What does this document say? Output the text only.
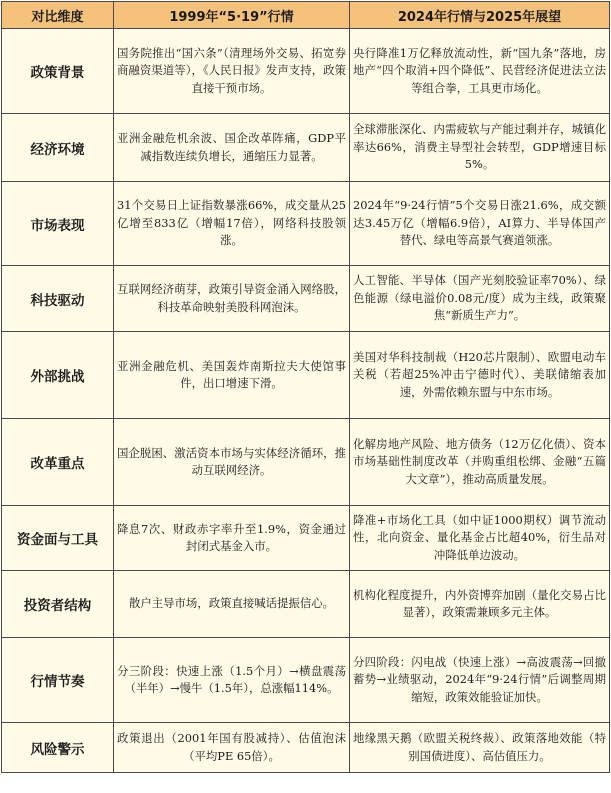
对比维度	1999年“5·19”行情	2024年行情与2025年展望
政策背景	国务院推出“国六条”（清理场外交易、拓宽券商融资渠道等），《人民日报》发声支持，政策直接干预市场。	央行降准1万亿释放流动性，新“国九条”落地，房地产“四个取消+四个降低”、民营经济促进法立法等组合拳，工具更市场化。
经济环境	亚洲金融危机余波、国企改革阵痛，GDP平减指数连续负增长，通缩压力显著。	全球滞胀深化、内需疲软与产能过剩并存，城镇化率达66%，消费主导型社会转型，GDP增速目标5%。
市场表现	31个交易日上证指数暴涨66%，成交量从25亿增至833亿（增幅17倍），网络科技股领涨。	2024年“9·24行情”5个交易日涨21.6%，成交额达3.45万亿（增幅6.9倍），AI算力、半导体国产替代、绿电等高景气赛道领涨。
科技驱动	互联网经济萌芽，政策引导资金涌入网络股，科技革命映射美股科网泡沫。	人工智能、半导体（国产光刻胶验证率70%）、绿色能源（绿电溢价0.08元/度）成为主线，政策聚焦“新质生产力”。
外部挑战	亚洲金融危机、美国轰炸南斯拉夫大使馆事件，出口增速下滑。	美国对华科技制裁（H20芯片限制）、欧盟电动车关税（若超25%冲击宁德时代）、美联储缩表加速，外需依赖东盟与中东市场。
改革重点	国企脱困、激活资本市场与实体经济循环，推动互联网经济。	化解房地产风险、地方债务（12万亿化债）、资本市场基础性制度改革（并购重组松绑、金融“五篇大文章”），推动高质量发展。
资金面与工具	降息7次、财政赤字率升至1.9%，资金通过封闭式基金入市。	降准+市场化工具（如中证1000期权）调节流动性，北向资金、量化基金占比超40%，衍生品对冲降低单边波动。
投资者结构	散户主导市场，政策直接喊话提振信心。	机构化程度提升，内外资博弈加剧（量化交易占比显著），政策需兼顾多元主体。
行情节奏	分三阶段：快速上涨（1.5个月）→横盘震荡（半年）→慢牛（1.5年），总涨幅114%。	分四阶段：闪电战（快速上涨）→高波震荡→回撤蓄势→业绩驱动，2024年“9·24行情”后调整周期缩短，政策效能验证加快。
风险警示	政策退出（2001年国有股减持）、估值泡沫（平均PE 65倍）。	地缘黑天鹅（欧盟关税终裁）、政策落地效能（特别国债进度）、高估值压力。
